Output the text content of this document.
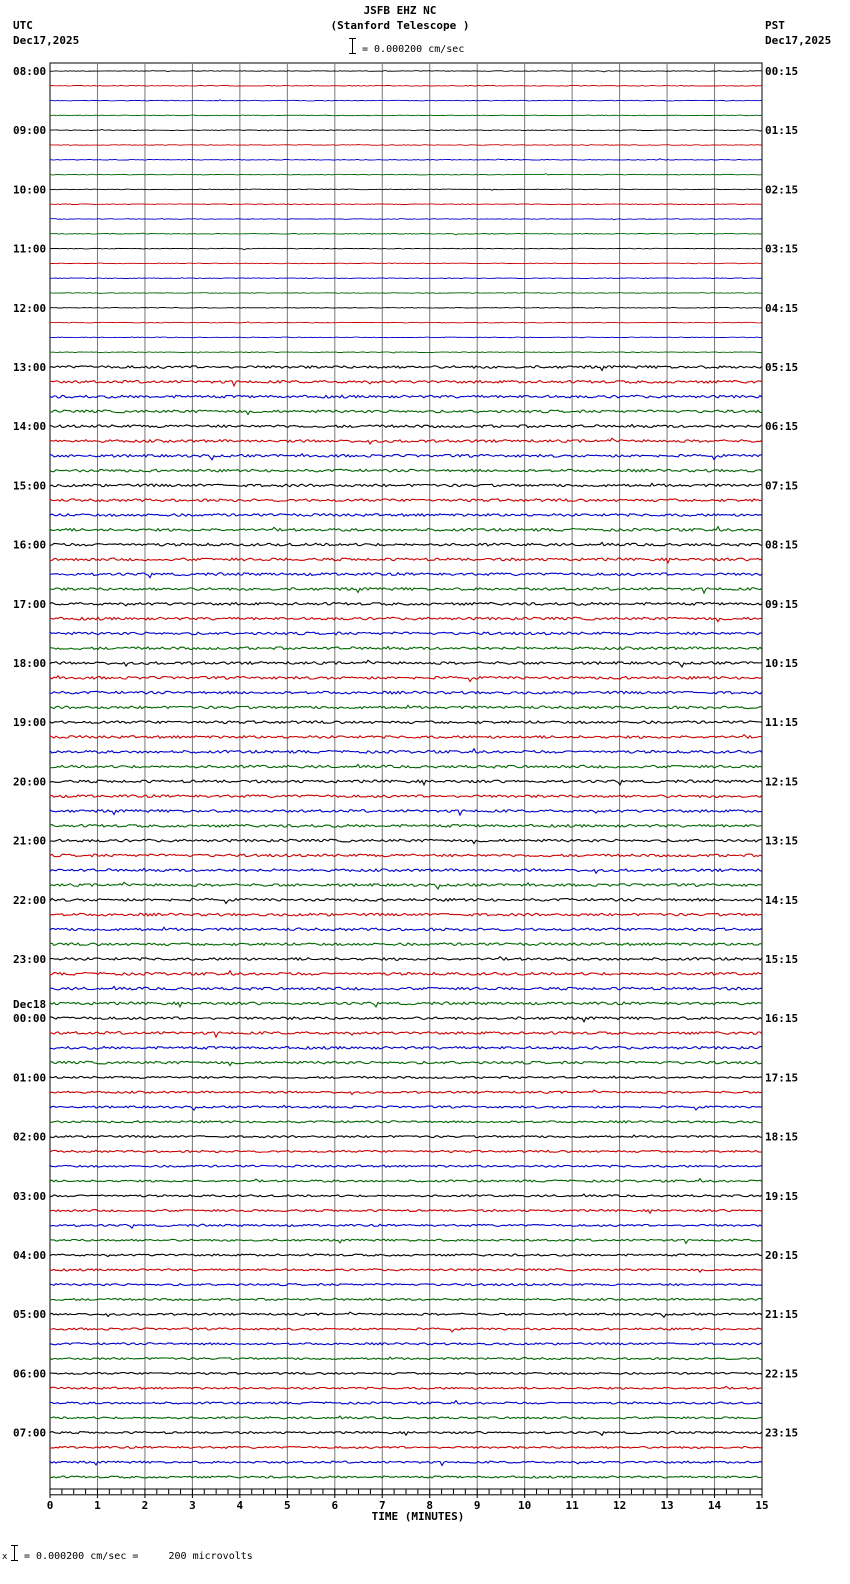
08:00
09:00
10:00
11:00
12:00
13:00
14:00
15:00
16:00
17:00
18:00
19:00
20:00
21:00
22:00
23:00
00:00
01:00
02:00
03:00
04:00
05:00
06:00
07:00
00:15
01:15
02:15
03:15
04:15
05:15
06:15
07:15
08:15
09:15
10:15
11:15
12:15
13:15
14:15
15:15
16:15
17:15
18:15
19:15
20:15
21:15
22:15
23:15
Dec18
0	1	2	3	4	5	6	7	8	9	10	11	12	13	14	15
TIME (MINUTES)
JSFB EHZ NC
(Stanford Telescope )
UTC
Dec17,2025
PST
Dec17,2025
= 0.000200 cm/sec
x = 0.000200 cm/sec =     200 microvolts
